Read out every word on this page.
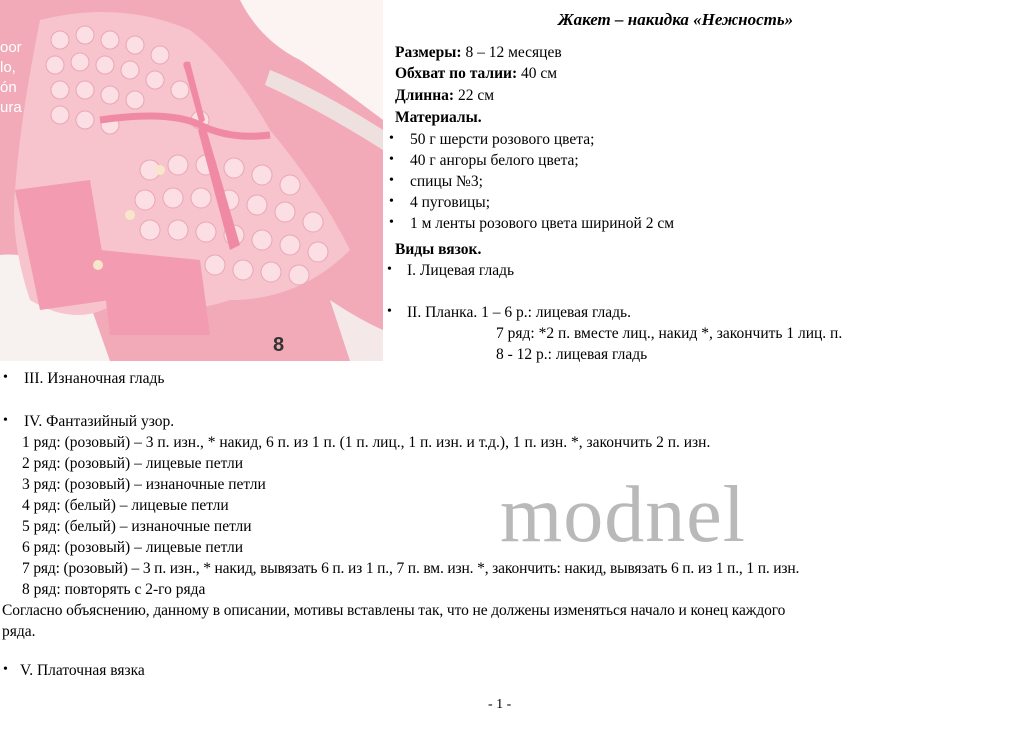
oor
lo,
ón
ura
8
Жакет – накидка «Нежность»
Размеры: 8 – 12 месяцев
Обхват по талии: 40 см
Длинна: 22 см
Материалы.
• 50 г шерсти розового цвета;
• 40 г ангоры белого цвета;
• спицы №3;
• 4 пуговицы;
• 1 м ленты розового цвета шириной 2 см
Виды вязок.
• I. Лицевая гладь
• II. Планка. 1 – 6 р.: лицевая гладь.
7 ряд: *2 п. вместе лиц., накид *, закончить 1 лиц. п.
8 - 12 р.: лицевая гладь
• III. Изнаночная гладь
• IV. Фантазийный узор.
1 ряд: (розовый) – 3 п. изн., * накид, 6 п. из 1 п. (1 п. лиц., 1 п. изн. и т.д.), 1 п. изн. *, закончить 2 п. изн.
2 ряд: (розовый) – лицевые петли
3 ряд: (розовый) – изнаночные петли
4 ряд: (белый) – лицевые петли
5 ряд: (белый) – изнаночные петли
6 ряд: (розовый) – лицевые петли
7 ряд: (розовый) – 3 п. изн., * накид, вывязать 6 п. из 1 п., 7 п. вм. изн. *, закончить: накид, вывязать 6 п. из 1 п., 1 п. изн.
8 ряд: повторять с 2-го ряда
Согласно объяснению, данному в описании, мотивы вставлены так, что не должены изменяться начало и конец каждого
ряда.
• V. Платочная вязка
modnel
- 1 -
